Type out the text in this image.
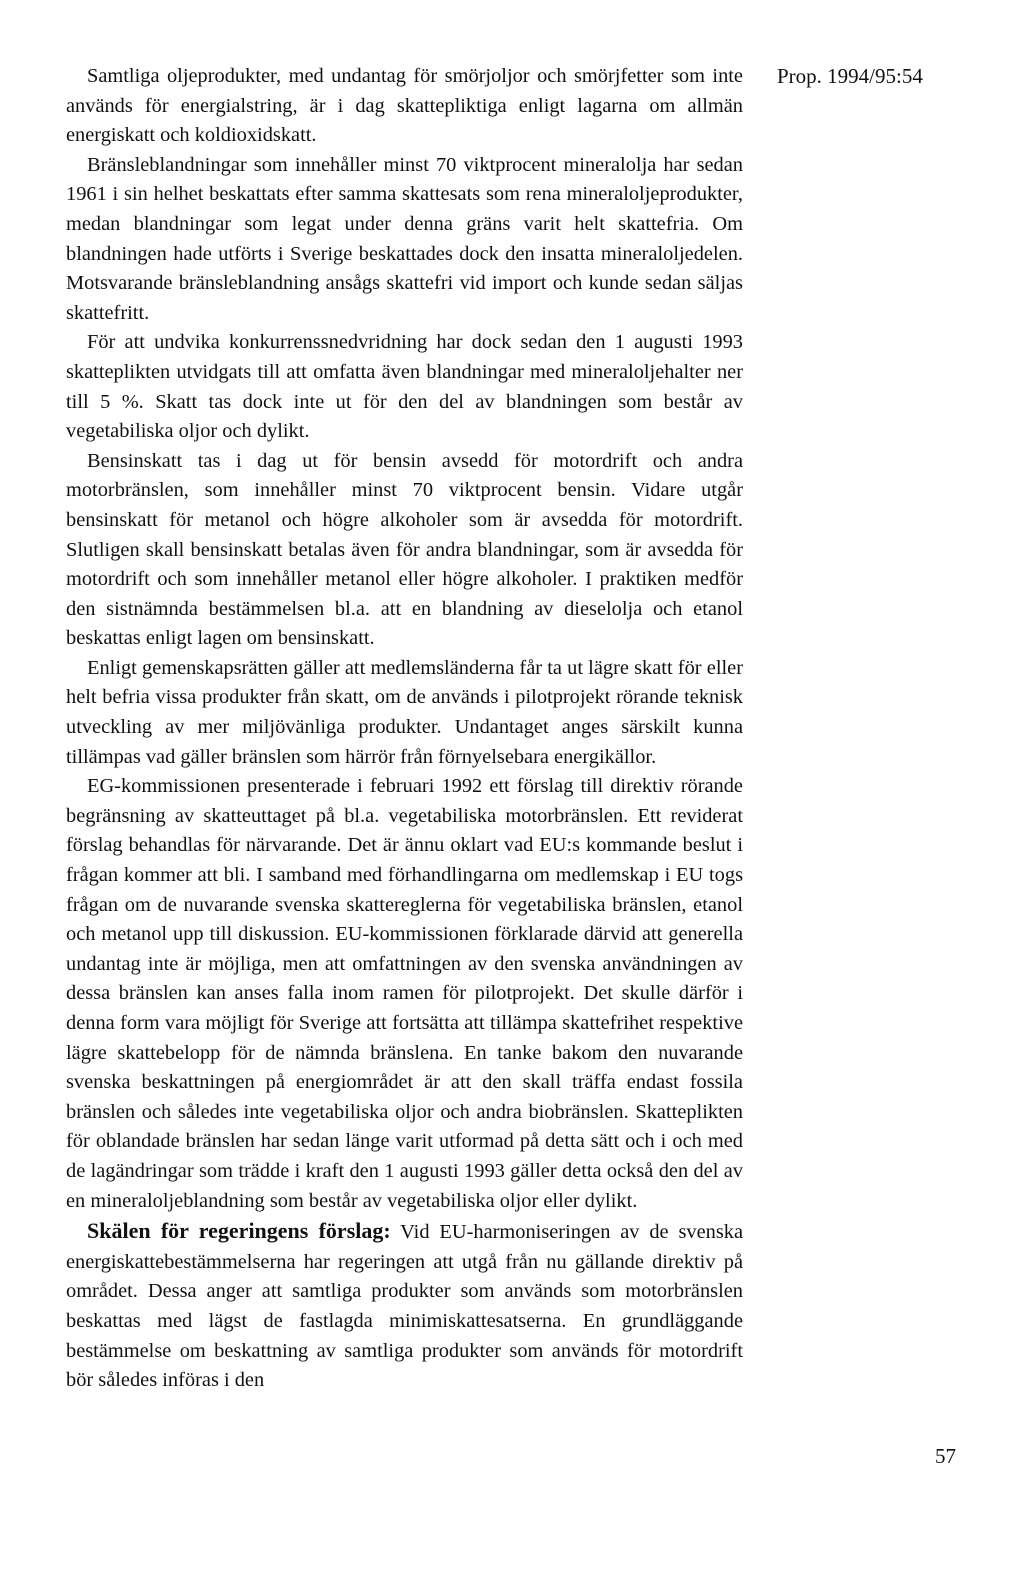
Prop. 1994/95:54

Samtliga oljeprodukter, med undantag för smörjoljor och smörjfetter som inte används för energialstring, är i dag skattepliktiga enligt lagarna om allmän energiskatt och koldioxidskatt.

Bränsleblandningar som innehåller minst 70 viktprocent mineralolja har sedan 1961 i sin helhet beskattats efter samma skattesats som rena mineraloljeprodukter, medan blandningar som legat under denna gräns varit helt skattefria. Om blandningen hade utförts i Sverige beskattades dock den insatta mineraloljedelen. Motsvarande bränsleblandning ansågs skattefri vid import och kunde sedan säljas skattefritt.

För att undvika konkurrenssnedvridning har dock sedan den 1 augusti 1993 skatteplikten utvidgats till att omfatta även blandningar med mineraloljehalter ner till 5 %. Skatt tas dock inte ut för den del av blandningen som består av vegetabiliska oljor och dylikt.

Bensinskatt tas i dag ut för bensin avsedd för motordrift och andra motorbränslen, som innehåller minst 70 viktprocent bensin. Vidare utgår bensinskatt för metanol och högre alkoholer som är avsedda för motordrift. Slutligen skall bensinskatt betalas även för andra blandningar, som är avsedda för motordrift och som innehåller metanol eller högre alkoholer. I praktiken medför den sistnämnda bestämmelsen bl.a. att en blandning av dieselolja och etanol beskattas enligt lagen om bensinskatt.

Enligt gemenskapsrätten gäller att medlemsländerna får ta ut lägre skatt för eller helt befria vissa produkter från skatt, om de används i pilotprojekt rörande teknisk utveckling av mer miljövänliga produkter. Undantaget anges särskilt kunna tillämpas vad gäller bränslen som härrör från förnyelsebara energikällor.

EG-kommissionen presenterade i februari 1992 ett förslag till direktiv rörande begränsning av skatteuttaget på bl.a. vegetabiliska motorbränslen. Ett reviderat förslag behandlas för närvarande. Det är ännu oklart vad EU:s kommande beslut i frågan kommer att bli. I samband med förhandlingarna om medlemskap i EU togs frågan om de nuvarande svenska skattereglerna för vegetabiliska bränslen, etanol och metanol upp till diskussion. EU-kommissionen förklarade därvid att generella undantag inte är möjliga, men att omfattningen av den svenska användningen av dessa bränslen kan anses falla inom ramen för pilotprojekt. Det skulle därför i denna form vara möjligt för Sverige att fortsätta att tillämpa skattefrihet respektive lägre skattebelopp för de nämnda bränslena. En tanke bakom den nuvarande svenska beskattningen på energiområdet är att den skall träffa endast fossila bränslen och således inte vegetabiliska oljor och andra biobränslen. Skatteplikten för oblandade bränslen har sedan länge varit utformad på detta sätt och i och med de lagändringar som trädde i kraft den 1 augusti 1993 gäller detta också den del av en mineraloljeblandning som består av vegetabiliska oljor eller dylikt.

Skälen för regeringens förslag: Vid EU-harmoniseringen av de svenska energiskattebestämmelserna har regeringen att utgå från nu gällande direktiv på området. Dessa anger att samtliga produkter som används som motorbränslen beskattas med lägst de fastlagda minimiskattesatserna. En grundläggande bestämmelse om beskattning av samtliga produkter som används för motordrift bör således införas i den

57
